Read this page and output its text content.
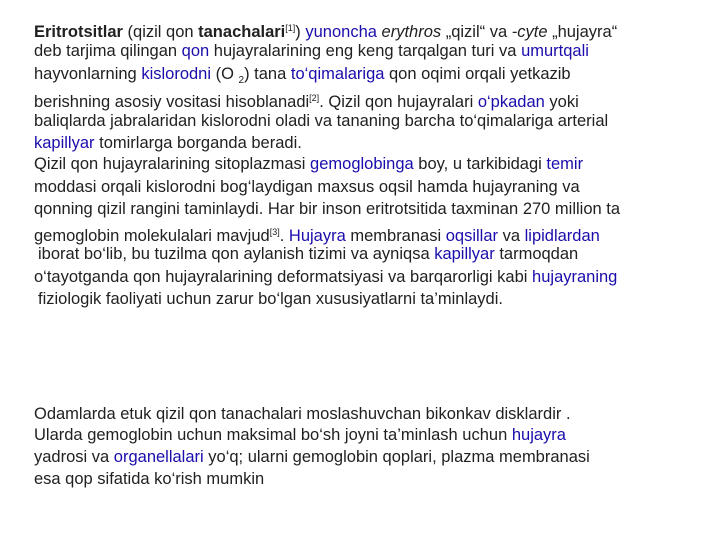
Eritrotsitlar (qizil qon tanachalari[1]) yunoncha erythros „qizil“ va -cyte „hujayra“
deb tarjima qilingan qon hujayralarining eng keng tarqalgan turi va umurtqali
hayvonlarning kislorodni (O $_2$) tana to‘qimalariga qon oqimi orqali yetkazib
berishning asosiy vositasi hisoblanadi[2]. Qizil qon hujayralari o‘pkadan yoki
baliqlarda jabralaridan kislorodni oladi va tananing barcha to‘qimalariga arterial
kapillyar tomirlarga borganda beradi.
Qizil qon hujayralarining sitoplazmasi gemoglobinga boy, u tarkibidagi temir
moddasi orqali kislorodni bog‘laydigan maxsus oqsil hamda hujayraning va
qonning qizil rangini taminlaydi. Har bir inson eritrotsitida taxminan 270 million ta
gemoglobin molekulalari mavjud[3]. Hujayra membranasi oqsillar va lipidlardan
iborat bo‘lib, bu tuzilma qon aylanish tizimi va ayniqsa kapillyar tarmoqdan
o‘tayotganda qon hujayralarining deformatsiyasi va barqarorligi kabi hujayraning
fiziologik faoliyati uchun zarur bo‘lgan xususiyatlarni ta’minlaydi.
Odamlarda etuk qizil qon tanachalari moslashuvchan bikonkav disklardir .
Ularda gemoglobin uchun maksimal bo‘sh joyni ta’minlash uchun hujayra
yadrosi va organellalari yo‘q; ularni gemoglobin qoplari, plazma membranasi
esa qop sifatida ko‘rish mumkin
